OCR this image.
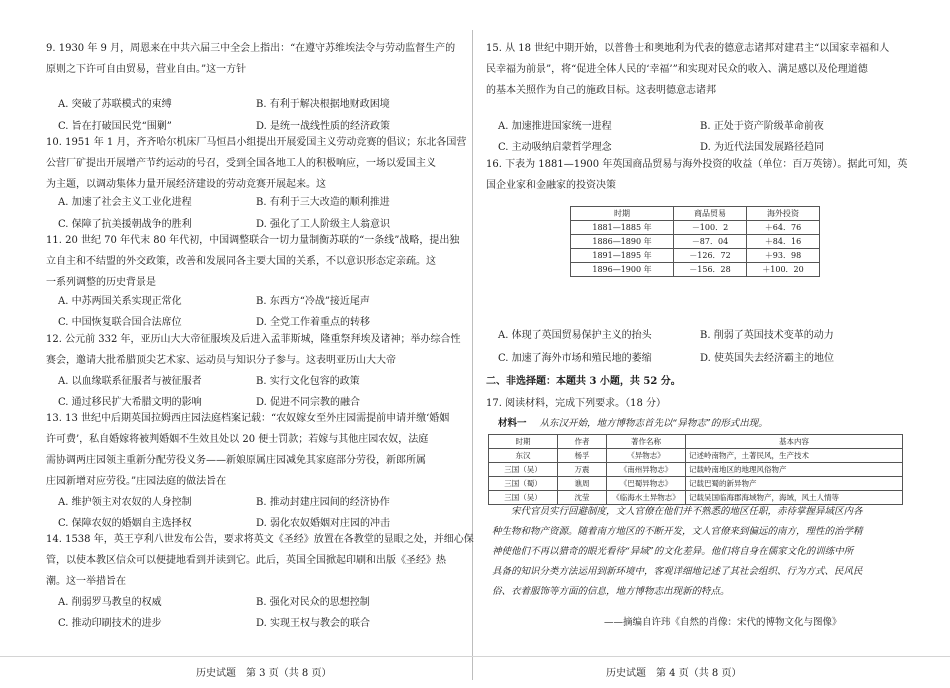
9. 1930 年 9 月，周恩来在中共六届三中全会上指出：“在遵守苏维埃法令与劳动监督生产的

原则之下许可自由贸易，营业自由。”这一方针

A. 突破了苏联模式的束缚	B. 有利于解决根据地财政困境
C. 旨在打破国民党“围剿”	D. 是统一战线性质的经济政策

10. 1951 年 1 月，齐齐哈尔机床厂马恒昌小组提出开展爱国主义劳动竞赛的倡议；东北各国营

公营厂矿提出开展增产节约运动的号召，受到全国各地工人的积极响应，一场以爱国主义

为主题，以调动集体力量开展经济建设的劳动竞赛开展起来。这

A. 加速了社会主义工业化进程	B. 有利于三大改造的顺利推进
C. 保障了抗美援朝战争的胜利	D. 强化了工人阶级主人翁意识

11. 20 世纪 70 年代末 80 年代初，中国调整联合一切力量制衡苏联的“一条线”战略，提出独

立自主和不结盟的外交政策，改善和发展同各主要大国的关系，不以意识形态定亲疏。这

一系列调整的历史背景是

A. 中苏两国关系实现正常化	B. 东西方“冷战”接近尾声
C. 中国恢复联合国合法席位	D. 全党工作着重点的转移

12. 公元前 332 年，亚历山大大帝征服埃及后进入孟菲斯城，隆重祭拜埃及诸神；举办综合性

赛会，邀请大批希腊顶尖艺术家、运动员与知识分子参与。这表明亚历山大大帝

A. 以血缘联系征服者与被征服者	B. 实行文化包容的政策
C. 通过移民扩大希腊文明的影响	D. 促进不同宗教的融合

13. 13 世纪中后期英国拉姆西庄园法庭档案记载：“农奴嫁女至外庄园需提前申请并缴‘婚姻

许可费’，私自婚嫁将被判婚姻不生效且处以 20 便士罚款；若嫁与其他庄园农奴，法庭

需协调两庄园领主重新分配劳役义务——新娘原属庄园减免其家庭部分劳役，新郎所属

庄园新增对应劳役。”庄园法庭的做法旨在

A. 维护领主对农奴的人身控制	B. 推动封建庄园间的经济协作
C. 保障农奴的婚姻自主选择权	D. 弱化农奴婚姻对庄园的冲击

14. 1538 年，英王亨利八世发布公告，要求将英文《圣经》放置在各教堂的显眼之处，并细心保

管，以使本教区信众可以便捷地看到并读到它。此后，英国全国掀起印刷和出版《圣经》热

潮。这一举措旨在

A. 削弱罗马教皇的权威	B. 强化对民众的思想控制
C. 推动印刷技术的进步	D. 实现王权与教会的联合
历史试题　第 3 页（共 8 页）

15. 从 18 世纪中期开始，以普鲁士和奥地利为代表的德意志诸邦对建君主“以国家幸福和人

民幸福为前景”，将“促进全体人民的‘幸福’”和实现对民众的收入、满足感以及伦理道德

的基本关照作为自己的施政目标。这表明德意志诸邦

A. 加速推进国家统一进程	B. 正处于资产阶级革命前夜
C. 主动吸纳启蒙哲学理念	D. 为近代法国发展路径趋同

16. 下表为 1881—1900 年英国商品贸易与海外投资的收益（单位：百万英镑）。据此可知，英

国企业家和金融家的投资决策

时期	商品贸易	海外投资
1881—1885 年	－100．2	＋64．76
1886—1890 年	－87．04	＋84．16
1891—1895 年	－126．72	＋93．98
1896—1900 年	－156．28	＋100．20
A. 体现了英国贸易保护主义的抬头	B. 削弱了英国技术变革的动力
C. 加速了海外市场和殖民地的萎缩	D. 使英国失去经济霸主的地位
二、非选择题：本题共 3 小题，共 52 分。
17. 阅读材料，完成下列要求。（18 分）
材料一 从东汉开始，地方博物志首先以“异物志”的形式出现。
时期	作者	著作名称	基本内容
东汉	杨孚	《异物志》	记述岭南物产，土著民风，生产技术
三国（吴）	万震	《南州异物志》	记载岭南地区的地理风俗物产
三国（蜀）	谯周	《巴蜀异物志》	记载巴蜀的新异物产
三国（吴）	沈莹	《临海水土异物志》	记载吴国临海郡海域物产，海域，风土人情等

宋代官员实行回避制度，文人官僚在他们并不熟悉的地区任职，赤待掌握异域区内各

种生物和物产资源。随着南方地区的不断开发，文人官僚来到偏远的南方，理性的治学精

神使他们不再以猎奇的眼光看待“异域”的文化差异。他们将自身在儒家文化的训练中所

具备的知识分类方法运用到新环境中，客观详细地记述了其社会组织、行为方式、民风民

俗、衣着服饰等方面的信息，地方博物志出现新的特点。

——摘编自许玮《自然的肖像：宋代的博物文化与图像》
历史试题　第 4 页（共 8 页）
